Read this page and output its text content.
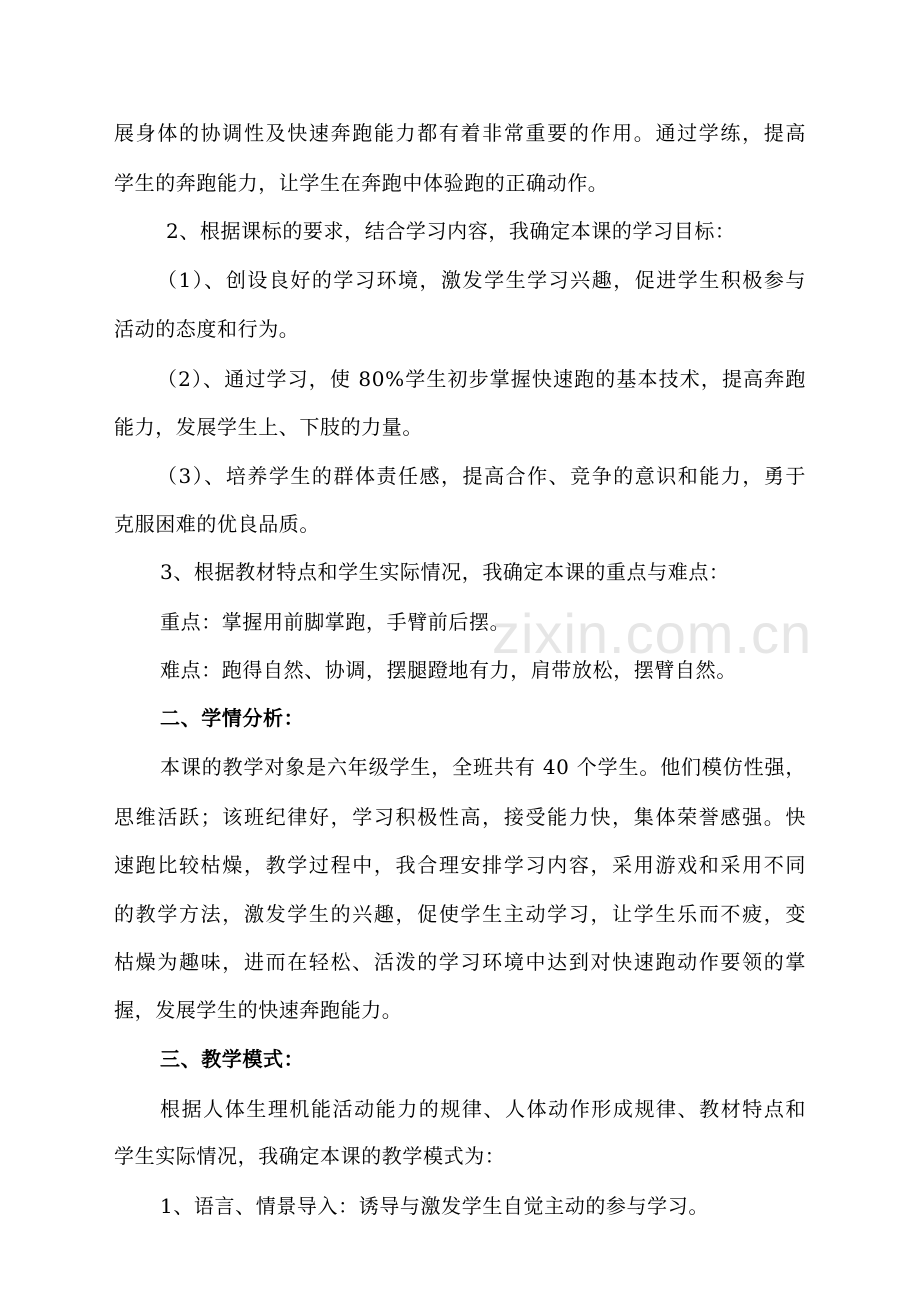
zixin.com.cn
展身体的协调性及快速奔跑能力都有着非常重要的作用。通过学练，提高
学生的奔跑能力，让学生在奔跑中体验跑的正确动作。
2、根据课标的要求，结合学习内容，我确定本课的学习目标：
（1）、创设良好的学习环境，激发学生学习兴趣，促进学生积极参与
活动的态度和行为。
（2）、通过学习，使 80%学生初步掌握快速跑的基本技术，提高奔跑
能力，发展学生上、下肢的力量。
（3）、培养学生的群体责任感，提高合作、竞争的意识和能力，勇于
克服困难的优良品质。
3、根据教材特点和学生实际情况，我确定本课的重点与难点：
重点：掌握用前脚掌跑，手臂前后摆。
难点：跑得自然、协调，摆腿蹬地有力，肩带放松，摆臂自然。
二、学情分析：
本课的教学对象是六年级学生，全班共有 40 个学生。他们模仿性强，
思维活跃；该班纪律好，学习积极性高，接受能力快，集体荣誉感强。快
速跑比较枯燥，教学过程中，我合理安排学习内容，采用游戏和采用不同
的教学方法，激发学生的兴趣，促使学生主动学习，让学生乐而不疲，变
枯燥为趣味，进而在轻松、活泼的学习环境中达到对快速跑动作要领的掌
握，发展学生的快速奔跑能力。
三、教学模式：
根据人体生理机能活动能力的规律、人体动作形成规律、教材特点和
学生实际情况，我确定本课的教学模式为：
1、语言、情景导入：诱导与激发学生自觉主动的参与学习。
